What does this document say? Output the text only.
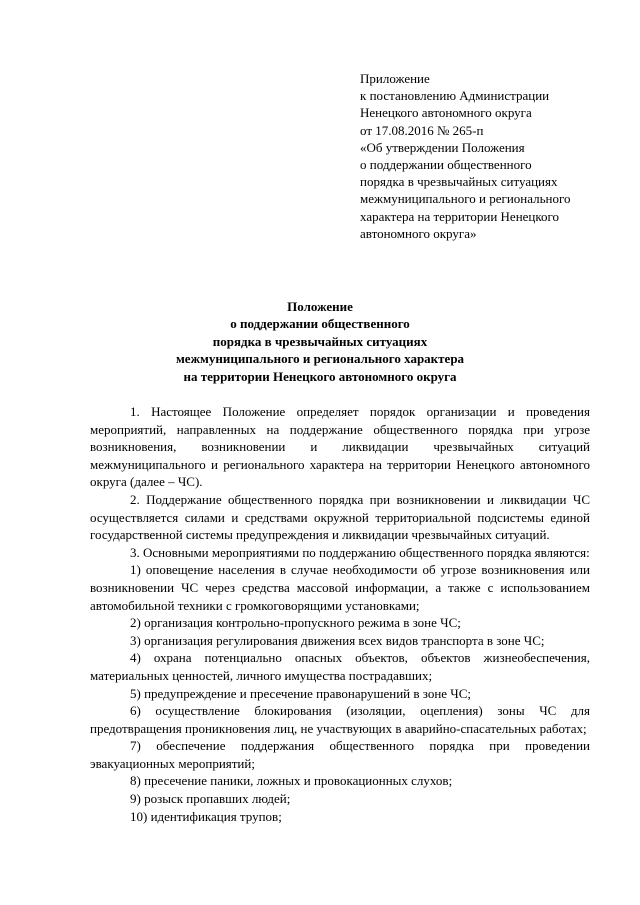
Приложение
к постановлению Администрации
Ненецкого автономного округа
от 17.08.2016 № 265-п
«Об утверждении Положения
о поддержании общественного
порядка в чрезвычайных ситуациях
межмуниципального и регионального
характера на территории Ненецкого
автономного округа»
Положение
о поддержании общественного
порядка в чрезвычайных ситуациях
межмуниципального и регионального характера
на территории Ненецкого автономного округа

1. Настоящее Положение определяет порядок организации и проведения мероприятий, направленных на поддержание общественного порядка при угрозе возникновения, возникновении и ликвидации чрезвычайных ситуаций межмуниципального и регионального характера на территории Ненецкого автономного округа (далее – ЧС).

2. Поддержание общественного порядка при возникновении и ликвидации ЧС осуществляется силами и средствами окружной территориальной подсистемы единой государственной системы предупреждения и ликвидации чрезвычайных ситуаций.

3. Основными мероприятиями по поддержанию общественного порядка являются:

1) оповещение населения в случае необходимости об угрозе возникновения или возникновении ЧС через средства массовой информации, а также с использованием автомобильной техники с громкоговорящими установками;

2) организация контрольно-пропускного режима в зоне ЧС;

3) организация регулирования движения всех видов транспорта в зоне ЧС;

4) охрана потенциально опасных объектов, объектов жизнеобеспечения, материальных ценностей, личного имущества пострадавших;

5) предупреждение и пресечение правонарушений в зоне ЧС;

6) осуществление блокирования (изоляции, оцепления) зоны ЧС для предотвращения проникновения лиц, не участвующих в аварийно-спасательных работах;

7) обеспечение поддержания общественного порядка при проведении эвакуационных мероприятий;

8) пресечение паники, ложных и провокационных слухов;

9) розыск пропавших людей;

10) идентификация трупов;
